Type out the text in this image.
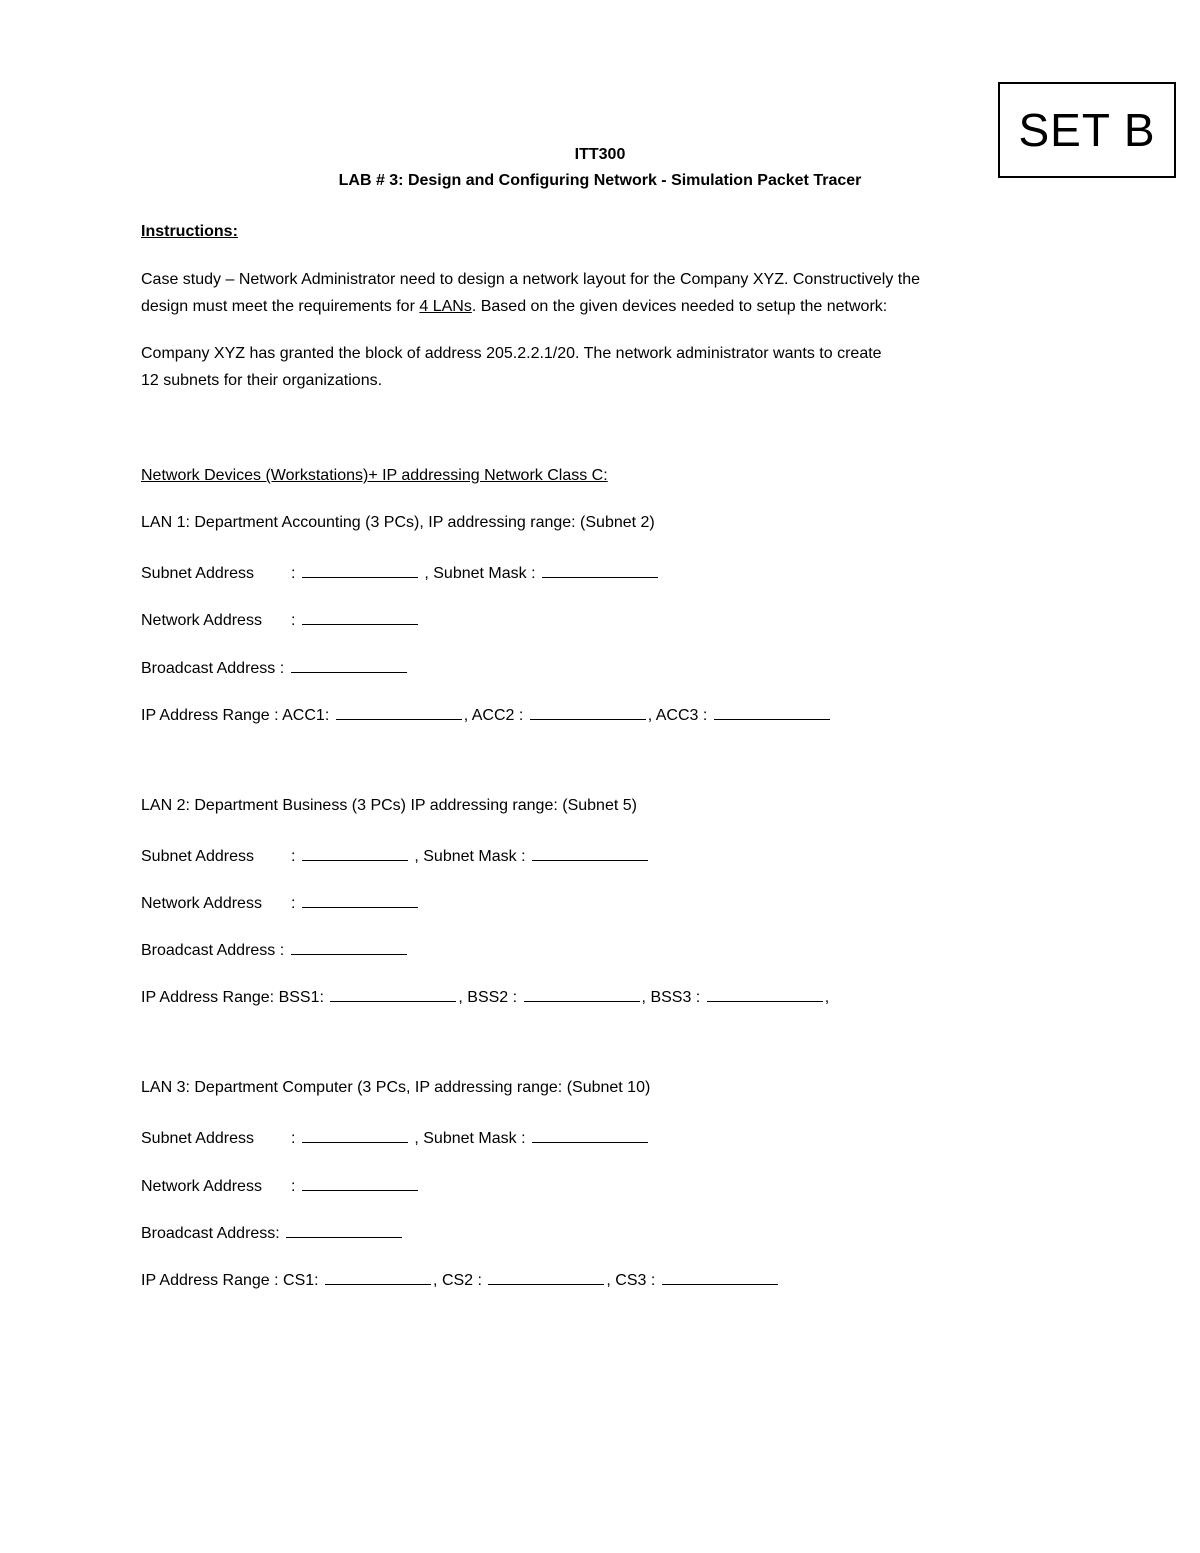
SET B
ITT300
LAB # 3: Design and Configuring Network - Simulation Packet Tracer
Instructions:
Case study – Network Administrator need to design a network layout for the Company XYZ. Constructively the
design must meet the requirements for 4 LANs. Based on the given devices needed to setup the network:
Company XYZ has granted the block of address 205.2.2.1/20. The network administrator wants to create
12 subnets for their organizations.
Network Devices (Workstations)+ IP addressing Network Class C:
LAN 1: Department Accounting (3 PCs), IP addressing range: (Subnet 2)
Subnet Address :	, Subnet Mask :
Network Address :
Broadcast Address :
IP Address Range : ACC1:	, ACC2 :	, ACC3 :
LAN 2: Department Business (3 PCs) IP addressing range: (Subnet 5)
Subnet Address :	, Subnet Mask :
Network Address :
Broadcast Address :
IP Address Range: BSS1:	, BSS2 :	, BSS3 :	,
LAN 3: Department Computer (3 PCs, IP addressing range: (Subnet 10)
Subnet Address :	, Subnet Mask :
Network Address :
Broadcast Address:
IP Address Range : CS1:	, CS2 :	, CS3 :
